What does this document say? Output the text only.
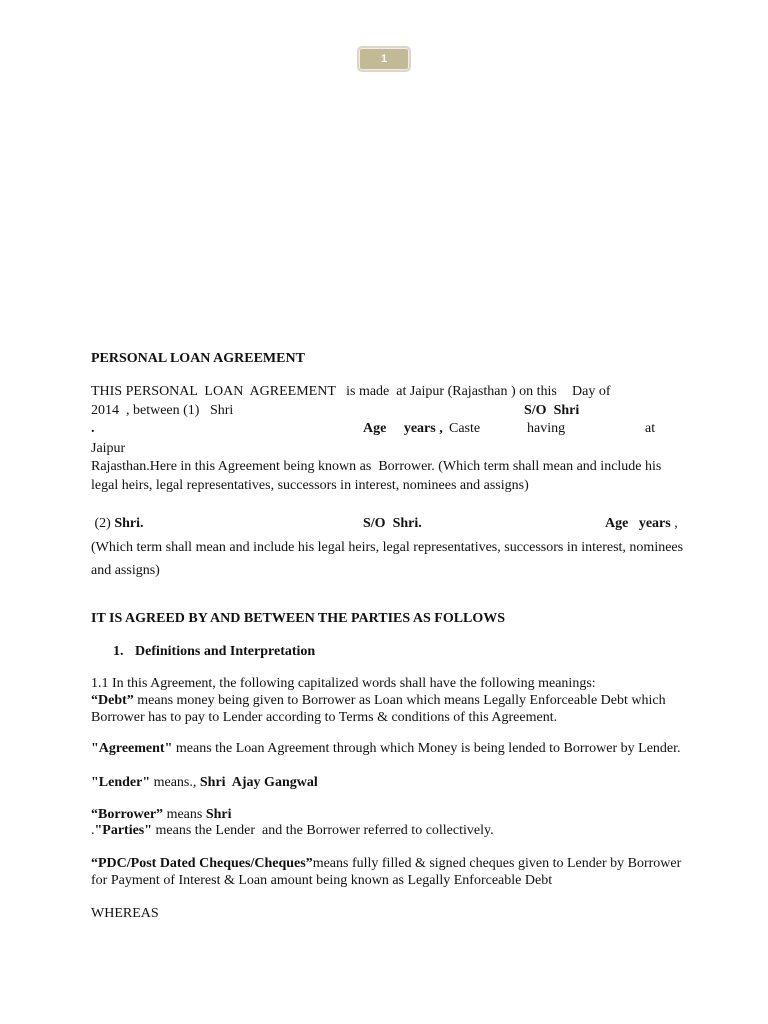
1
PERSONAL LOAN AGREEMENT
THIS PERSONAL  LOAN  AGREEMENT   is made  at Jaipur (Rajasthan ) on this Day of
2014  , between (1)   Shri	S/O  Shri
.	Age     years , Caste	having	at
Jaipur
Rajasthan.Here in this Agreement being known as  Borrower. (Which term shall mean and include his
legal heirs, legal representatives, successors in interest, nominees and assigns)
(2) Shri.	S/O  Shri.	Age   years ,
(Which term shall mean and include his legal heirs, legal representatives, successors in interest, nominees
and assigns)
IT IS AGREED BY AND BETWEEN THE PARTIES AS FOLLOWS
1. Definitions and Interpretation
1.1 In this Agreement, the following capitalized words shall have the following meanings:
“Debt” means money being given to Borrower as Loan which means Legally Enforceable Debt which
Borrower has to pay to Lender according to Terms & conditions of this Agreement.
"Agreement" means the Loan Agreement through which Money is being lended to Borrower by Lender.
"Lender" means., Shri  Ajay Gangwal
“Borrower” means Shri
."Parties" means the Lender  and the Borrower referred to collectively.
“PDC/Post Dated Cheques/Cheques”means fully filled & signed cheques given to Lender by Borrower
for Payment of Interest & Loan amount being known as Legally Enforceable Debt
WHEREAS
